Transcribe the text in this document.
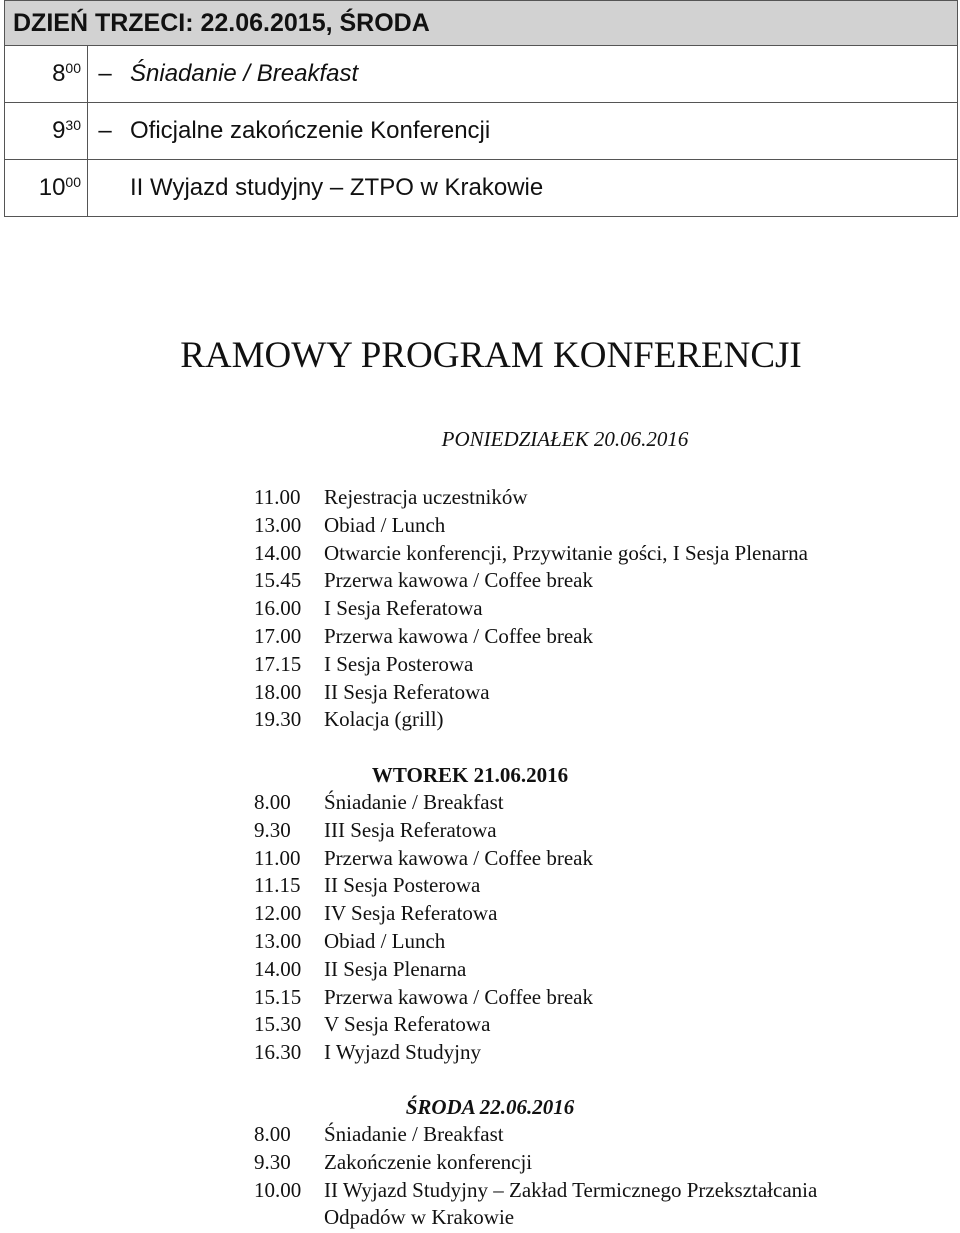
DZIEŃ TRZECI: 22.06.2015, ŚRODA		
$8^{00}$	–	Śniadanie / Breakfast
$9^{30}$	–	Oficjalne zakończenie Konferencji
$10^{00}$		II Wyjazd studyjny – ZTPO w Krakowie
RAMOWY PROGRAM KONFERENCJI
PONIEDZIAŁEK 20.06.2016
11.00	Rejestracja uczestników
13.00	Obiad / Lunch
14.00	Otwarcie konferencji, Przywitanie gości, I Sesja Plenarna
15.45	Przerwa kawowa / Coffee break
16.00	I Sesja Referatowa
17.00	Przerwa kawowa / Coffee break
17.15	I Sesja Posterowa
18.00	II Sesja Referatowa
19.30	Kolacja (grill)
WTOREK 21.06.2016
8.00	Śniadanie / Breakfast
9.30	III Sesja Referatowa
11.00	Przerwa kawowa / Coffee break
11.15	II Sesja Posterowa
12.00	IV Sesja Referatowa
13.00	Obiad / Lunch
14.00	II Sesja Plenarna
15.15	Przerwa kawowa / Coffee break
15.30	V Sesja Referatowa
16.30	I Wyjazd Studyjny
ŚRODA 22.06.2016
8.00	Śniadanie / Breakfast
9.30	Zakończenie konferencji
10.00	II Wyjazd Studyjny – Zakład Termicznego Przekształcania Odpadów w Krakowie
